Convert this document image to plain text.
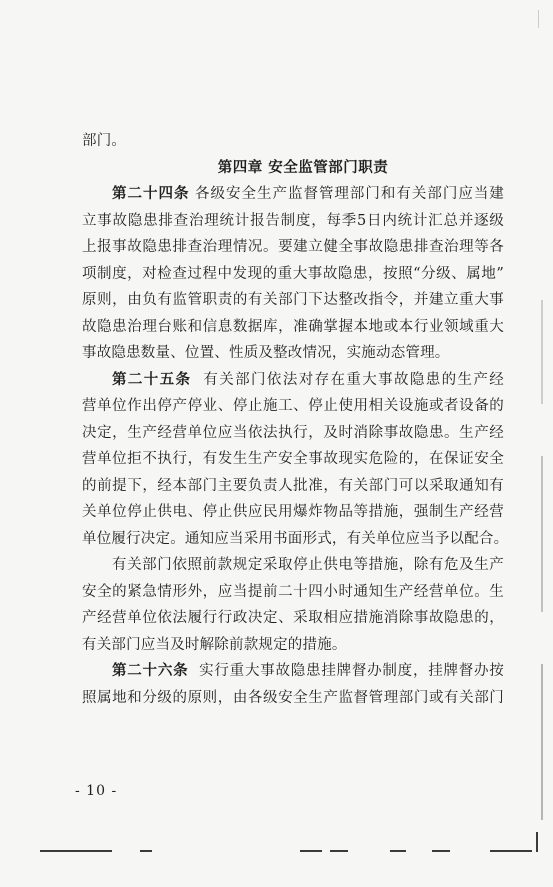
部门。
第四章 安全监管部门职责
第二十四条 各级安全生产监督管理部门和有关部门应当建
立事故隐患排查治理统计报告制度，每季5日内统计汇总并逐级
上报事故隐患排查治理情况。要建立健全事故隐患排查治理等各
项制度，对检查过程中发现的重大事故隐患，按照“分级、属地”
原则，由负有监管职责的有关部门下达整改指令，并建立重大事
故隐患治理台账和信息数据库，准确掌握本地或本行业领域重大
事故隐患数量、位置、性质及整改情况，实施动态管理。
第二十五条 有关部门依法对存在重大事故隐患的生产经
营单位作出停产停业、停止施工、停止使用相关设施或者设备的
决定，生产经营单位应当依法执行，及时消除事故隐患。生产经
营单位拒不执行，有发生生产安全事故现实危险的，在保证安全
的前提下，经本部门主要负责人批准，有关部门可以采取通知有
关单位停止供电、停止供应民用爆炸物品等措施，强制生产经营
单位履行决定。通知应当采用书面形式，有关单位应当予以配合。
有关部门依照前款规定采取停止供电等措施，除有危及生产
安全的紧急情形外，应当提前二十四小时通知生产经营单位。生
产经营单位依法履行行政决定、采取相应措施消除事故隐患的，
有关部门应当及时解除前款规定的措施。
第二十六条 实行重大事故隐患挂牌督办制度，挂牌督办按
照属地和分级的原则，由各级安全生产监督管理部门或有关部门
- 10 -
